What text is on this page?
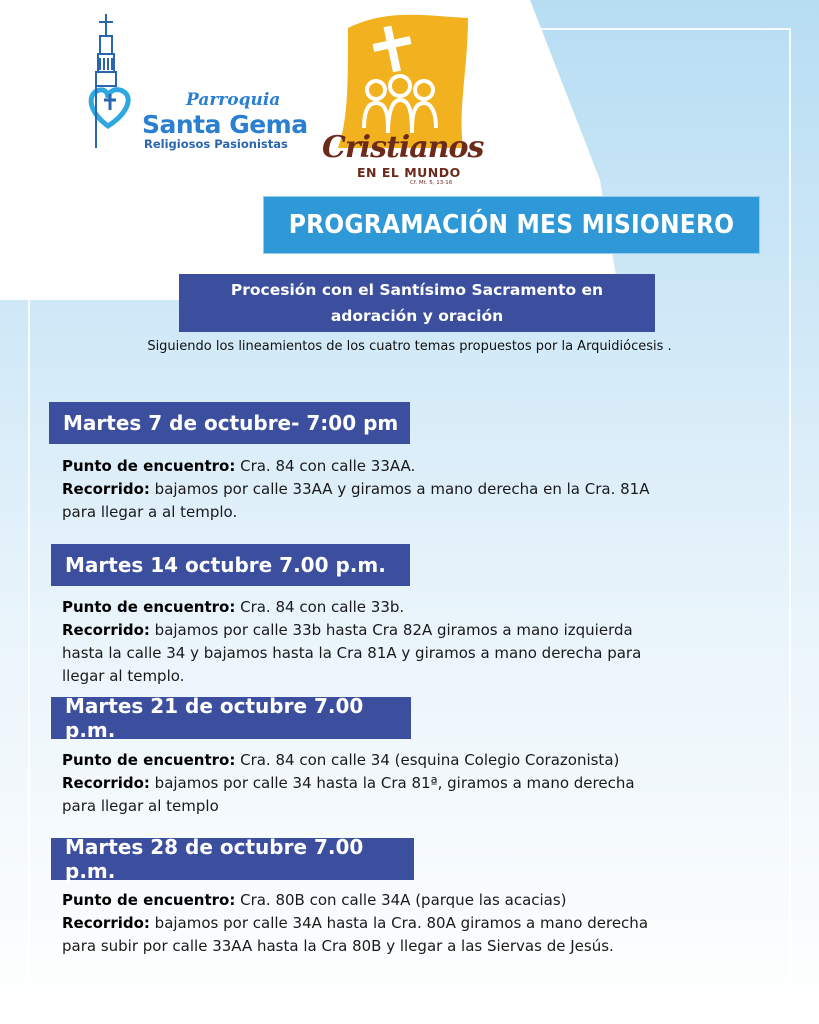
Parroquia
Santa Gema
Religiosos Pasionistas Cristianos
EN EL MUNDO
Cf. Mt. 5, 13-16
PROGRAMACIÓN MES MISIONERO
Procesión con el Santísimo Sacramento en
adoración y oración
Siguiendo los lineamientos de los cuatro temas propuestos por la Arquidiócesis .
Martes 7 de octubre- 7:00 pm
Punto de encuentro: Cra. 84 con calle 33AA.
Recorrido: bajamos por calle 33AA y giramos a mano derecha en la Cra. 81A
para llegar a al templo.
Martes 14 octubre 7.00 p.m.
Punto de encuentro: Cra. 84 con calle 33b.
Recorrido: bajamos por calle 33b hasta Cra 82A giramos a mano izquierda
hasta la calle 34 y bajamos hasta la Cra 81A y giramos a mano derecha para
llegar al templo.
Martes 21 de octubre 7.00 p.m.
Punto de encuentro: Cra. 84 con calle 34 (esquina Colegio Corazonista)
Recorrido: bajamos por calle 34 hasta la Cra 81ª, giramos a mano derecha
para llegar al templo
Martes 28 de octubre 7.00 p.m.
Punto de encuentro: Cra. 80B con calle 34A (parque las acacias)
Recorrido: bajamos por calle 34A hasta la Cra. 80A giramos a mano derecha
para subir por calle 33AA hasta la Cra 80B y llegar a las Siervas de Jesús.
